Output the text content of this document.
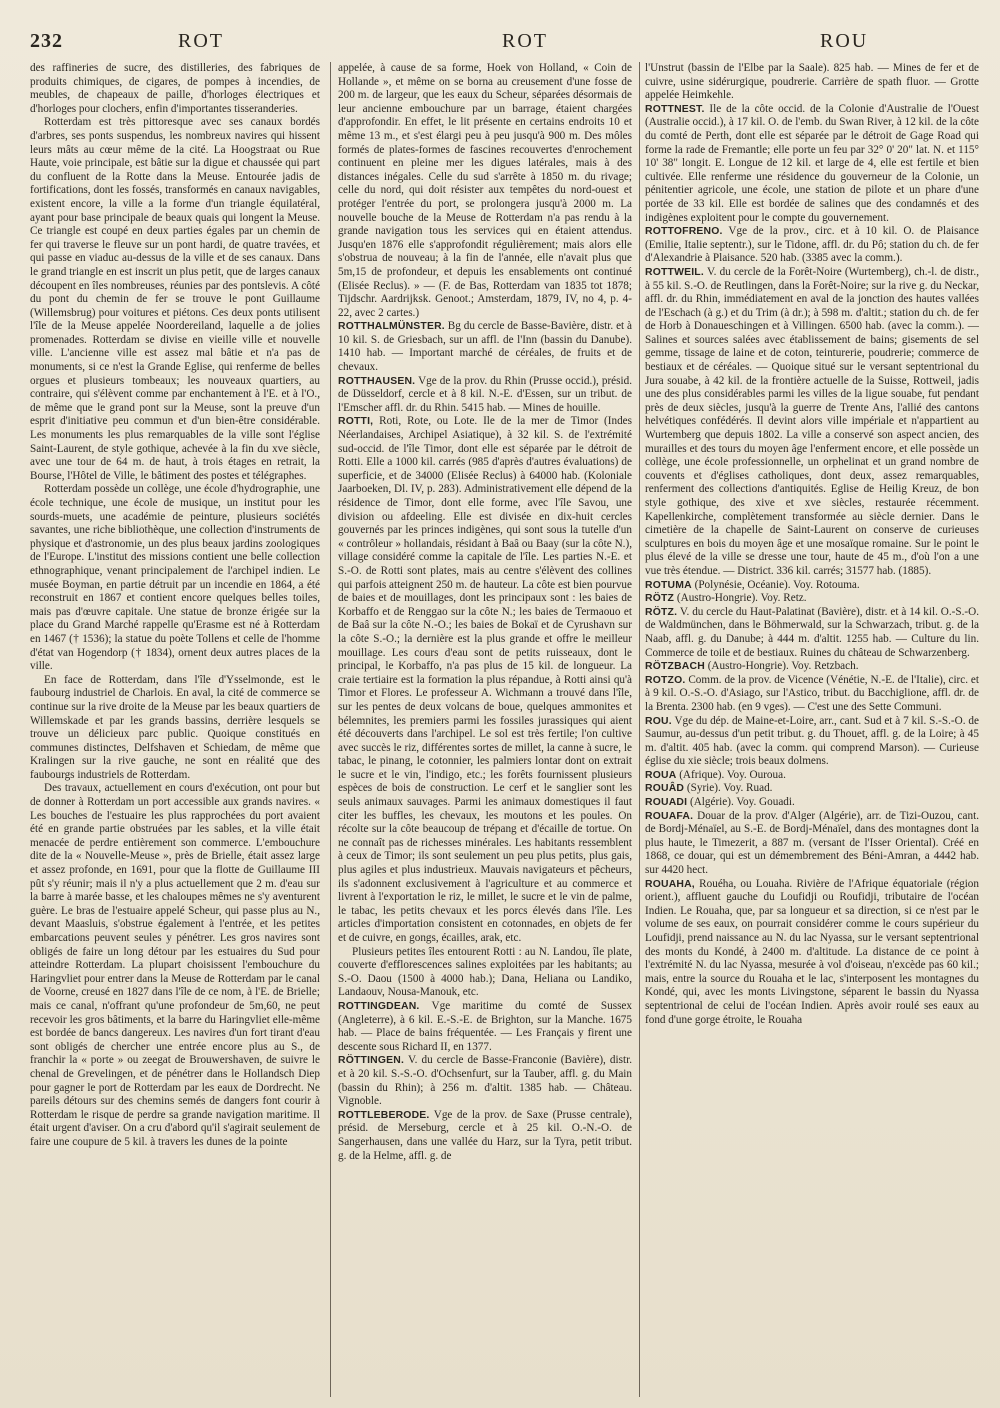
232	ROT	ROT	ROU

des raffineries de sucre, des distilleries, des fabriques de produits chimiques, de cigares, de pompes à incendies, de meubles, de chapeaux de paille, d'horloges électriques et d'horloges pour clochers, enfin d'importantes tisseranderies.

Rotterdam est très pittoresque avec ses canaux bordés d'arbres, ses ponts suspendus, les nombreux navires qui hissent leurs mâts au cœur même de la cité. La Hoogstraat ou Rue Haute, voie principale, est bâtie sur la digue et chaussée qui part du confluent de la Rotte dans la Meuse. Entourée jadis de fortifications, dont les fossés, transformés en canaux navigables, existent encore, la ville a la forme d'un triangle équilatéral, ayant pour base principale de beaux quais qui longent la Meuse. Ce triangle est coupé en deux parties égales par un chemin de fer qui traverse le fleuve sur un pont hardi, de quatre travées, et qui passe en viaduc au-dessus de la ville et de ses canaux. Dans le grand triangle en est inscrit un plus petit, que de larges canaux découpent en îles nombreuses, réunies par des pontslevis. A côté du pont du chemin de fer se trouve le pont Guillaume (Willemsbrug) pour voitures et piétons. Ces deux ponts utilisent l'île de la Meuse appelée Noordereiland, laquelle a de jolies promenades. Rotterdam se divise en vieille ville et nouvelle ville. L'ancienne ville est assez mal bâtie et n'a pas de monuments, si ce n'est la Grande Eglise, qui renferme de belles orgues et plusieurs tombeaux; les nouveaux quartiers, au contraire, qui s'élèvent comme par enchantement à l'E. et à l'O., de même que le grand pont sur la Meuse, sont la preuve d'un esprit d'initiative peu commun et d'un bien-être considérable. Les monuments les plus remarquables de la ville sont l'église Saint-Laurent, de style gothique, achevée à la fin du xve siècle, avec une tour de 64 m. de haut, à trois étages en retrait, la Bourse, l'Hôtel de Ville, le bâtiment des postes et télégraphes.

Rotterdam possède un collège, une école d'hydrographie, une école technique, une école de musique, un institut pour les sourds-muets, une académie de peinture, plusieurs sociétés savantes, une riche bibliothèque, une collection d'instruments de physique et d'astronomie, un des plus beaux jardins zoologiques de l'Europe. L'institut des missions contient une belle collection ethnographique, venant principalement de l'archipel indien. Le musée Boyman, en partie détruit par un incendie en 1864, a été reconstruit en 1867 et contient encore quelques belles toiles, mais pas d'œuvre capitale. Une statue de bronze érigée sur la place du Grand Marché rappelle qu'Erasme est né à Rotterdam en 1467 († 1536); la statue du poète Tollens et celle de l'homme d'état van Hogendorp († 1834), ornent deux autres places de la ville.

En face de Rotterdam, dans l'île d'Ysselmonde, est le faubourg industriel de Charlois. En aval, la cité de commerce se continue sur la rive droite de la Meuse par les beaux quartiers de Willemskade et par les grands bassins, derrière lesquels se trouve un délicieux parc public. Quoique constitués en communes distinctes, Delfshaven et Schiedam, de même que Kralingen sur la rive gauche, ne sont en réalité que des faubourgs industriels de Rotterdam.

Des travaux, actuellement en cours d'exécution, ont pour but de donner à Rotterdam un port accessible aux grands navires. « Les bouches de l'estuaire les plus rapprochées du port avaient été en grande partie obstruées par les sables, et la ville était menacée de perdre entièrement son commerce. L'embouchure dite de la « Nouvelle-Meuse », près de Brielle, était assez large et assez profonde, en 1691, pour que la flotte de Guillaume III pût s'y réunir; mais il n'y a plus actuellement que 2 m. d'eau sur la barre à marée basse, et les chaloupes mêmes ne s'y aventurent guère. Le bras de l'estuaire appelé Scheur, qui passe plus au N., devant Maasluis, s'obstrue également à l'entrée, et les petites embarcations peuvent seules y pénétrer. Les gros navires sont obligés de faire un long détour par les estuaires du Sud pour atteindre Rotterdam. La plupart choisissent l'embouchure du Haringvliet pour entrer dans la Meuse de Rotterdam par le canal de Voorne, creusé en 1827 dans l'île de ce nom, à l'E. de Brielle; mais ce canal, n'offrant qu'une profondeur de 5m,60, ne peut recevoir les gros bâtiments, et la barre du Haringvliet elle-même est bordée de bancs dangereux. Les navires d'un fort tirant d'eau sont obligés de chercher une entrée encore plus au S., de franchir la « porte » ou zeegat de Brouwershaven, de suivre le chenal de Grevelingen, et de pénétrer dans le Hollandsch Diep pour gagner le port de Rotterdam par les eaux de Dordrecht. Ne pareils détours sur des chemins semés de dangers font courir à Rotterdam le risque de perdre sa grande navigation maritime. Il était urgent d'aviser. On a cru d'abord qu'il s'agirait seulement de faire une coupure de 5 kil. à travers les dunes de la pointe

appelée, à cause de sa forme, Hoek von Holland, « Coin de Hollande », et même on se borna au creusement d'une fosse de 200 m. de largeur, que les eaux du Scheur, séparées désormais de leur ancienne embouchure par un barrage, étaient chargées d'approfondir. En effet, le lit présente en certains endroits 10 et même 13 m., et s'est élargi peu à peu jusqu'à 900 m. Des môles formés de plates-formes de fascines recouvertes d'enrochement continuent en pleine mer les digues latérales, mais à des distances inégales. Celle du sud s'arrête à 1850 m. du rivage; celle du nord, qui doit résister aux tempêtes du nord-ouest et protéger l'entrée du port, se prolongera jusqu'à 2000 m. La nouvelle bouche de la Meuse de Rotterdam n'a pas rendu à la grande navigation tous les services qui en étaient attendus. Jusqu'en 1876 elle s'approfondit régulièrement; mais alors elle s'obstrua de nouveau; à la fin de l'année, elle n'avait plus que 5m,15 de profondeur, et depuis les ensablements ont continué (Elisée Reclus). » — (F. de Bas, Rotterdam van 1835 tot 1878; Tijdschr. Aardrijksk. Genoot.; Amsterdam, 1879, IV, no 4, p. 4-22, avec 2 cartes.)

ROTTHALMÜNSTER. Bg du cercle de Basse-Bavière, distr. et à 10 kil. S. de Griesbach, sur un affl. de l'Inn (bassin du Danube). 1410 hab. — Important marché de céréales, de fruits et de chevaux.

ROTTHAUSEN. Vge de la prov. du Rhin (Prusse occid.), présid. de Düsseldorf, cercle et à 8 kil. N.-E. d'Essen, sur un tribut. de l'Emscher affl. dr. du Rhin. 5415 hab. — Mines de houille.

ROTTI, Roti, Rote, ou Lote. Ile de la mer de Timor (Indes Néerlandaises, Archipel Asiatique), à 32 kil. S. de l'extrémité sud-occid. de l'île Timor, dont elle est séparée par le détroit de Rotti. Elle a 1000 kil. carrés (985 d'après d'autres évaluations) de superficie, et de 34000 (Elisée Reclus) à 64000 hab. (Koloniale Jaarboeken, Dl. IV, p. 283). Administrativement elle dépend de la résidence de Timor, dont elle forme, avec l'île Savou, une division ou afdeeling. Elle est divisée en dix-huit cercles gouvernés par les princes indigènes, qui sont sous la tutelle d'un « contrôleur » hollandais, résidant à Baâ ou Baay (sur la côte N.), village considéré comme la capitale de l'île. Les parties N.-E. et S.-O. de Rotti sont plates, mais au centre s'élèvent des collines qui parfois atteignent 250 m. de hauteur. La côte est bien pourvue de baies et de mouillages, dont les principaux sont : les baies de Korbaffo et de Renggao sur la côte N.; les baies de Termaouo et de Baâ sur la côte N.-O.; les baies de Bokaï et de Cyrushavn sur la côte S.-O.; la dernière est la plus grande et offre le meilleur mouillage. Les cours d'eau sont de petits ruisseaux, dont le principal, le Korbaffo, n'a pas plus de 15 kil. de longueur. La craie tertiaire est la formation la plus répandue, à Rotti ainsi qu'à Timor et Flores. Le professeur A. Wichmann a trouvé dans l'île, sur les pentes de deux volcans de boue, quelques ammonites et bélemnites, les premiers parmi les fossiles jurassiques qui aient été découverts dans l'archipel. Le sol est très fertile; l'on cultive avec succès le riz, différentes sortes de millet, la canne à sucre, le tabac, le pinang, le cotonnier, les palmiers lontar dont on extrait le sucre et le vin, l'indigo, etc.; les forêts fournissent plusieurs espèces de bois de construction. Le cerf et le sanglier sont les seuls animaux sauvages. Parmi les animaux domestiques il faut citer les buffles, les chevaux, les moutons et les poules. On récolte sur la côte beaucoup de trépang et d'écaille de tortue. On ne connaît pas de richesses minérales. Les habitants ressemblent à ceux de Timor; ils sont seulement un peu plus petits, plus gais, plus agiles et plus industrieux. Mauvais navigateurs et pêcheurs, ils s'adonnent exclusivement à l'agriculture et au commerce et livrent à l'exportation le riz, le millet, le sucre et le vin de palme, le tabac, les petits chevaux et les porcs élevés dans l'île. Les articles d'importation consistent en cotonnades, en objets de fer et de cuivre, en gongs, écailles, arak, etc.

Plusieurs petites îles entourent Rotti : au N. Landou, île plate, couverte d'efflorescences salines exploitées par les habitants; au S.-O. Daou (1500 à 4000 hab.); Dana, Heliana ou Landiko, Landaouv, Nousa-Manouk, etc.

ROTTINGDEAN. Vge maritime du comté de Sussex (Angleterre), à 6 kil. E.-S.-E. de Brighton, sur la Manche. 1675 hab. — Place de bains fréquentée. — Les Français y firent une descente sous Richard II, en 1377.

RÖTTINGEN. V. du cercle de Basse-Franconie (Bavière), distr. et à 20 kil. S.-S.-O. d'Ochsenfurt, sur la Tauber, affl. g. du Main (bassin du Rhin); à 256 m. d'altit. 1385 hab. — Château. Vignoble.

ROTTLEBERODE. Vge de la prov. de Saxe (Prusse centrale), présid. de Merseburg, cercle et à 25 kil. O.-N.-O. de Sangerhausen, dans une vallée du Harz, sur la Tyra, petit tribut. g. de la Helme, affl. g. de

l'Unstrut (bassin de l'Elbe par la Saale). 825 hab. — Mines de fer et de cuivre, usine sidérurgique, poudrerie. Carrière de spath fluor. — Grotte appelée Heimkehle.

ROTTNEST. Ile de la côte occid. de la Colonie d'Australie de l'Ouest (Australie occid.), à 17 kil. O. de l'emb. du Swan River, à 12 kil. de la côte du comté de Perth, dont elle est séparée par le détroit de Gage Road qui forme la rade de Fremantle; elle porte un feu par 32° 0' 20" lat. N. et 115° 10' 38" longit. E. Longue de 12 kil. et large de 4, elle est fertile et bien cultivée. Elle renferme une résidence du gouverneur de la Colonie, un pénitentier agricole, une école, une station de pilote et un phare d'une portée de 33 kil. Elle est bordée de salines que des condamnés et des indigènes exploitent pour le compte du gouvernement.

ROTTOFRENO. Vge de la prov., circ. et à 10 kil. O. de Plaisance (Emilie, Italie septentr.), sur le Tidone, affl. dr. du Pô; station du ch. de fer d'Alexandrie à Plaisance. 520 hab. (3385 avec la comm.).

ROTTWEIL. V. du cercle de la Forêt-Noire (Wurtemberg), ch.-l. de distr., à 55 kil. S.-O. de Reutlingen, dans la Forêt-Noire; sur la rive g. du Neckar, affl. dr. du Rhin, immédiatement en aval de la jonction des hautes vallées de l'Eschach (à g.) et du Trim (à dr.); à 598 m. d'altit.; station du ch. de fer de Horb à Donaueschingen et à Villingen. 6500 hab. (avec la comm.). — Salines et sources salées avec établissement de bains; gisements de sel gemme, tissage de laine et de coton, teinturerie, poudrerie; commerce de bestiaux et de céréales. — Quoique situé sur le versant septentrional du Jura souabe, à 42 kil. de la frontière actuelle de la Suisse, Rottweil, jadis une des plus considérables parmi les villes de la ligue souabe, fut pendant près de deux siècles, jusqu'à la guerre de Trente Ans, l'allié des cantons helvétiques confédérés. Il devint alors ville impériale et n'appartient au Wurtemberg que depuis 1802. La ville a conservé son aspect ancien, des murailles et des tours du moyen âge l'enferment encore, et elle possède un collège, une école professionnelle, un orphelinat et un grand nombre de couvents et d'églises catholiques, dont deux, assez remarquables, renferment des collections d'antiquités. Eglise de Heilig Kreuz, de bon style gothique, des xive et xve siècles, restaurée récemment. Kapellenkirche, complètement transformée au siècle dernier. Dans le cimetière de la chapelle de Saint-Laurent on conserve de curieuses sculptures en bois du moyen âge et une mosaïque romaine. Sur le point le plus élevé de la ville se dresse une tour, haute de 45 m., d'où l'on a une vue très étendue. — District. 336 kil. carrés; 31577 hab. (1885).

ROTUMA (Polynésie, Océanie). Voy. Rotouma.

RÖTZ (Austro-Hongrie). Voy. Retz.

RÖTZ. V. du cercle du Haut-Palatinat (Bavière), distr. et à 14 kil. O.-S.-O. de Waldmünchen, dans le Böhmerwald, sur la Schwarzach, tribut. g. de la Naab, affl. g. du Danube; à 444 m. d'altit. 1255 hab. — Culture du lin. Commerce de toile et de bestiaux. Ruines du château de Schwarzenberg.

RÖTZBACH (Austro-Hongrie). Voy. Retzbach.

ROTZO. Comm. de la prov. de Vicence (Vénétie, N.-E. de l'Italie), circ. et à 9 kil. O.-S.-O. d'Asiago, sur l'Astico, tribut. du Bacchiglione, affl. dr. de la Brenta. 2300 hab. (en 9 vges). — C'est une des Sette Communi.

ROU. Vge du dép. de Maine-et-Loire, arr., cant. Sud et à 7 kil. S.-S.-O. de Saumur, au-dessus d'un petit tribut. g. du Thouet, affl. g. de la Loire; à 45 m. d'altit. 405 hab. (avec la comm. qui comprend Marson). — Curieuse église du xie siècle; trois beaux dolmens.

ROUA (Afrique). Voy. Ouroua.

ROUÂD (Syrie). Voy. Ruad.

ROUADI (Algérie). Voy. Gouadi.

ROUAFA. Douar de la prov. d'Alger (Algérie), arr. de Tizi-Ouzou, cant. de Bordj-Ménaïel, au S.-E. de Bordj-Ménaïel, dans des montagnes dont la plus haute, le Timezerit, a 887 m. (versant de l'Isser Oriental). Créé en 1868, ce douar, qui est un démembrement des Béni-Amran, a 4442 hab. sur 4420 hect.

ROUAHA, Rouéha, ou Louaha. Rivière de l'Afrique équatoriale (région orient.), affluent gauche du Loufidji ou Roufidji, tributaire de l'océan Indien. Le Rouaha, que, par sa longueur et sa direction, si ce n'est par le volume de ses eaux, on pourrait considérer comme le cours supérieur du Loufidji, prend naissance au N. du lac Nyassa, sur le versant septentrional des monts du Kondé, à 2400 m. d'altitude. La distance de ce point à l'extrémité N. du lac Nyassa, mesurée à vol d'oiseau, n'excède pas 60 kil.; mais, entre la source du Rouaha et le lac, s'interposent les montagnes du Kondé, qui, avec les monts Livingstone, séparent le bassin du Nyassa septentrional de celui de l'océan Indien. Après avoir roulé ses eaux au fond d'une gorge étroite, le Rouaha
